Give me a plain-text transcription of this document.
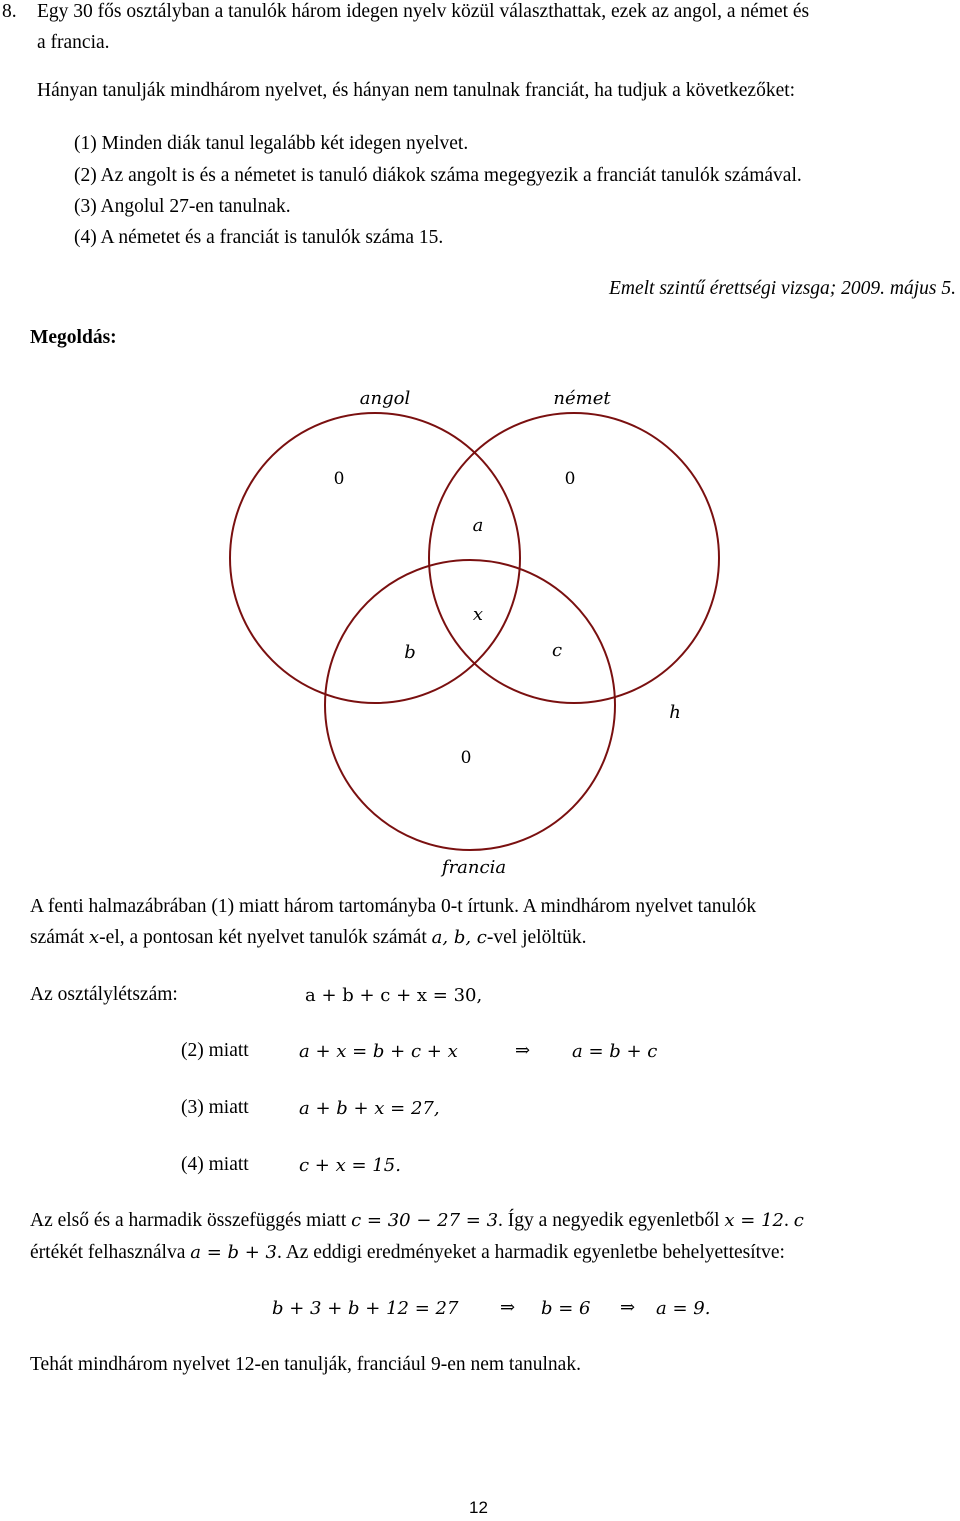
8. Egy 30 fős osztályban a tanulók három idegen nyelv közül választhattak, ezek az angol, a német és
a francia.
Hányan tanulják mindhárom nyelvet, és hányan nem tanulnak franciát, ha tudjuk a következőket:
(1) Minden diák tanul legalább két idegen nyelvet.
(2) Az angolt is és a németet is tanuló diákok száma megegyezik a franciát tanulók számával.
(3) Angolul 27-en tanulnak.
(4) A németet és a franciát is tanulók száma 15.
Emelt szintű érettségi vizsga; 2009. május 5.
Megoldás:
angol	német
francia
0	0
0
a
x
b	c
h
A fenti halmazábrában (1) miatt három tartományba 0-t írtunk. A mindhárom nyelvet tanulók
számát x-el, a pontosan két nyelvet tanulók számát a, b, c-vel jelöltük.
Az osztálylétszám:	a + b + c + x = 30,
(2) miatt	a + x = b + c + x	⇒ a = b + c
(3) miatt	a + b + x = 27,
(4) miatt	c + x = 15.
Az első és a harmadik összefüggés miatt c = 30 − 27 = 3. Így a negyedik egyenletből x = 12. c
értékét felhasználva a = b + 3. Az eddigi eredményeket a harmadik egyenletbe behelyettesítve:
b + 3 + b + 12 = 27 ⇒ b = 6 ⇒ a = 9.
Tehát mindhárom nyelvet 12-en tanulják, franciául 9-en nem tanulnak.
12
